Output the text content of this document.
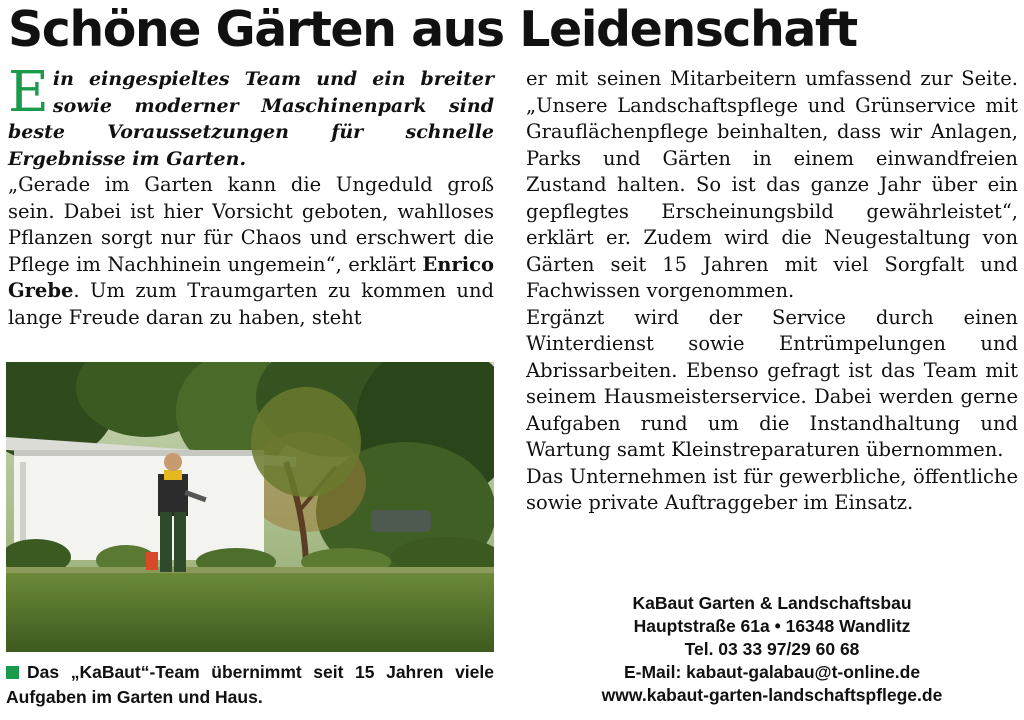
Schöne Gärten aus Leidenschaft

Ein eingespieltes Team und ein breiter sowie moderner Maschinenpark sind beste Voraussetzungen für schnelle Ergebnisse im Garten.

„Gerade im Garten kann die Ungeduld groß sein. Dabei ist hier Vorsicht geboten, wahlloses Pflanzen sorgt nur für Chaos und erschwert die Pflege im Nachhinein ungemein“, erklärt Enrico Grebe. Um zum Traumgarten zu kommen und lange Freude daran zu haben, steht

Das „KaBaut“-Team übernimmt seit 15 Jahren viele Aufgaben im Garten und Haus.

er mit seinen Mitarbeitern umfassend zur Seite. „Unsere Landschaftspflege und Grünservice mit Grauflächenpflege beinhalten, dass wir Anlagen, Parks und Gärten in einem einwandfreien Zustand halten. So ist das ganze Jahr über ein gepflegtes Erscheinungsbild gewährleistet“, erklärt er. Zudem wird die Neugestaltung von Gärten seit 15 Jahren mit viel Sorgfalt und Fachwissen vorgenommen.

Ergänzt wird der Service durch einen Winterdienst sowie Entrümpelungen und Abrissarbeiten. Ebenso gefragt ist das Team mit seinem Hausmeisterservice. Dabei werden gerne Aufgaben rund um die Instandhaltung und Wartung samt Kleinstreparaturen übernommen.

Das Unternehmen ist für gewerbliche, öffentliche sowie private Auftraggeber im Einsatz.

KaBaut Garten & Landschaftsbau
Hauptstraße 61a • 16348 Wandlitz
Tel. 03 33 97/29 60 68
E-Mail: kabaut-galabau@t-online.de
www.kabaut-garten-landschaftspflege.de
